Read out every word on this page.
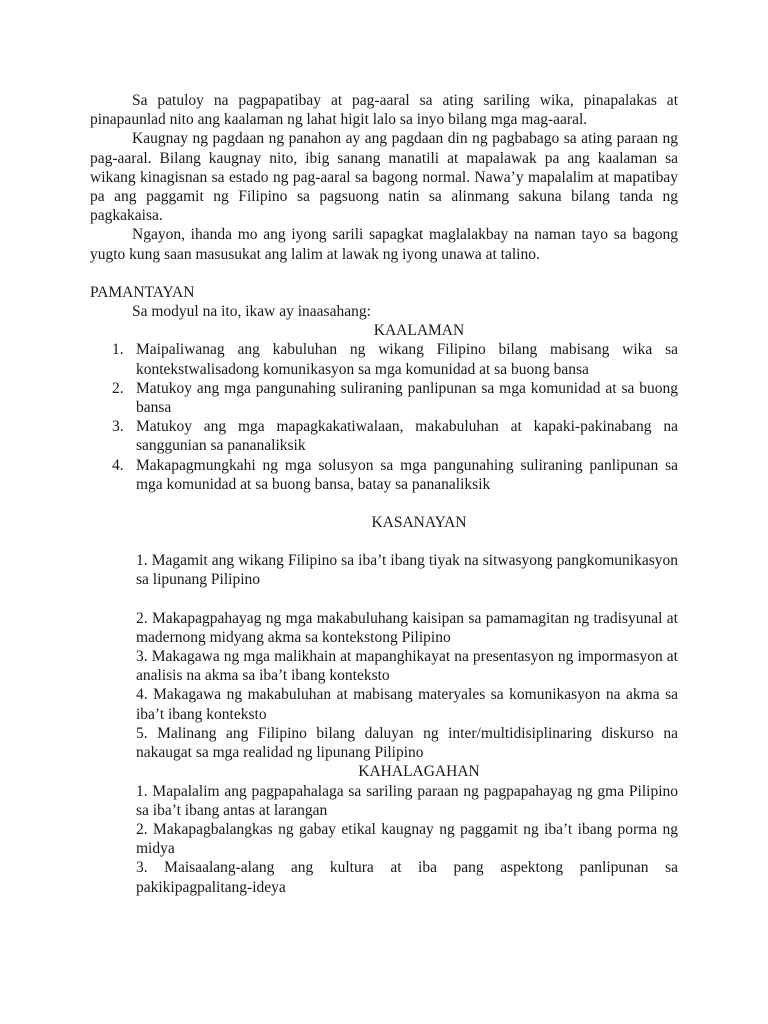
Sa patuloy na pagpapatibay at pag-aaral sa ating sariling wika, pinapalakas at pinapaunlad nito ang kaalaman ng lahat higit lalo sa inyo bilang mga mag-aaral.

Kaugnay ng pagdaan ng panahon ay ang pagdaan din ng pagbabago sa ating paraan ng pag-aaral. Bilang kaugnay nito, ibig sanang manatili at mapalawak pa ang kaalaman sa wikang kinagisnan sa estado ng pag-aaral sa bagong normal. Nawa’y mapalalim at mapatibay pa ang paggamit ng Filipino sa pagsuong natin sa alinmang sakuna bilang tanda ng pagkakaisa.

Ngayon, ihanda mo ang iyong sarili sapagkat maglalakbay na naman tayo sa bagong yugto kung saan masusukat ang lalim at lawak ng iyong unawa at talino.

PAMANTAYAN

Sa modyul na ito, ikaw ay inaasahang:

KAALAMAN

1. Maipaliwanag ang kabuluhan ng wikang Filipino bilang mabisang wika sa kontekstwalisadong komunikasyon sa mga komunidad at sa buong bansa
2. Matukoy ang mga pangunahing suliraning panlipunan sa mga komunidad at sa buong bansa
3. Matukoy ang mga mapagkakatiwalaan, makabuluhan at kapaki-pakinabang na sanggunian sa pananaliksik
4. Makapagmungkahi ng mga solusyon sa mga pangunahing suliraning panlipunan sa mga komunidad at sa buong bansa, batay sa pananaliksik

KASANAYAN

1. Magamit ang wikang Filipino sa iba’t ibang tiyak na sitwasyong pangkomunikasyon sa lipunang Pilipino
2. Makapagpahayag ng mga makabuluhang kaisipan sa pamamagitan ng tradisyunal at madernong midyang akma sa kontekstong Pilipino
3. Makagawa ng mga malikhain at mapanghikayat na presentasyon ng impormasyon at analisis na akma sa iba’t ibang konteksto
4. Makagawa ng makabuluhan at mabisang materyales sa komunikasyon na akma sa iba’t ibang konteksto
5. Malinang ang Filipino bilang daluyan ng inter/multidisiplinaring diskurso na nakaugat sa mga realidad ng lipunang Pilipino

KAHALAGAHAN

1. Mapalalim ang pagpapahalaga sa sariling paraan ng pagpapahayag ng gma Pilipino sa iba’t ibang antas at larangan
2. Makapagbalangkas ng gabay etikal kaugnay ng paggamit ng iba’t ibang porma ng midya
3. Maisaalang-alang ang kultura at iba pang aspektong panlipunan sa pakikipagpalitang-ideya
